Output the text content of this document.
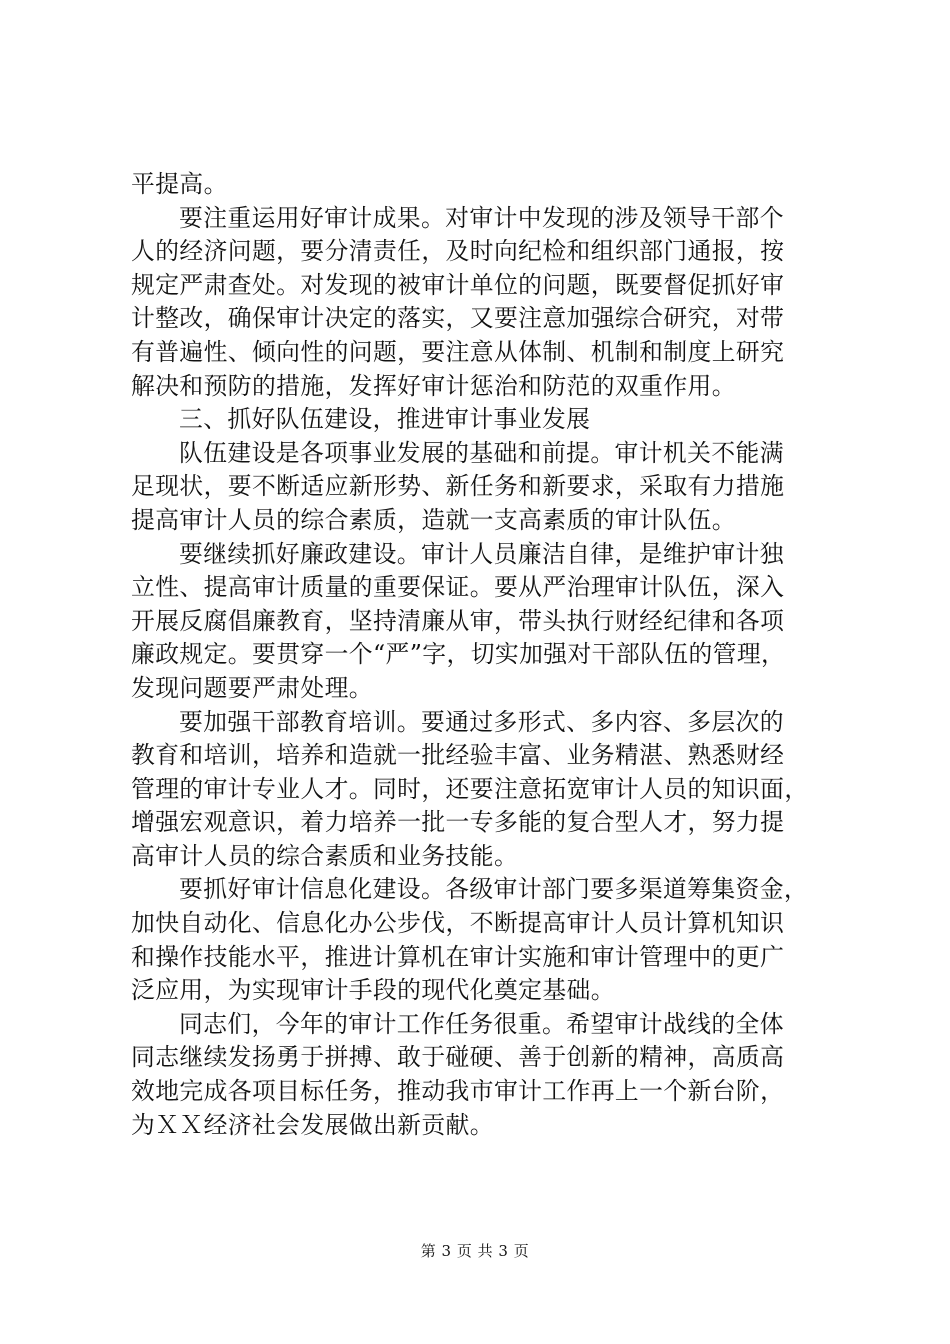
平提高。
要注重运用好审计成果。对审计中发现的涉及领导干部个
人的经济问题，要分清责任，及时向纪检和组织部门通报，按
规定严肃查处。对发现的被审计单位的问题，既要督促抓好审
计整改，确保审计决定的落实，又要注意加强综合研究，对带
有普遍性、倾向性的问题，要注意从体制、机制和制度上研究
解决和预防的措施，发挥好审计惩治和防范的双重作用。
三、抓好队伍建设，推进审计事业发展
队伍建设是各项事业发展的基础和前提。审计机关不能满
足现状，要不断适应新形势、新任务和新要求，采取有力措施
提高审计人员的综合素质，造就一支高素质的审计队伍。
要继续抓好廉政建设。审计人员廉洁自律，是维护审计独
立性、提高审计质量的重要保证。要从严治理审计队伍，深入
开展反腐倡廉教育，坚持清廉从审，带头执行财经纪律和各项
廉政规定。要贯穿一个“严”字，切实加强对干部队伍的管理，
发现问题要严肃处理。
要加强干部教育培训。要通过多形式、多内容、多层次的
教育和培训，培养和造就一批经验丰富、业务精湛、熟悉财经
管理的审计专业人才。同时，还要注意拓宽审计人员的知识面，
增强宏观意识，着力培养一批一专多能的复合型人才，努力提
高审计人员的综合素质和业务技能。
要抓好审计信息化建设。各级审计部门要多渠道筹集资金，
加快自动化、信息化办公步伐，不断提高审计人员计算机知识
和操作技能水平，推进计算机在审计实施和审计管理中的更广
泛应用，为实现审计手段的现代化奠定基础。
同志们，今年的审计工作任务很重。希望审计战线的全体
同志继续发扬勇于拼搏、敢于碰硬、善于创新的精神，高质高
效地完成各项目标任务，推动我市审计工作再上一个新台阶，
为ＸＸ经济社会发展做出新贡献。
第 3 页 共 3 页
